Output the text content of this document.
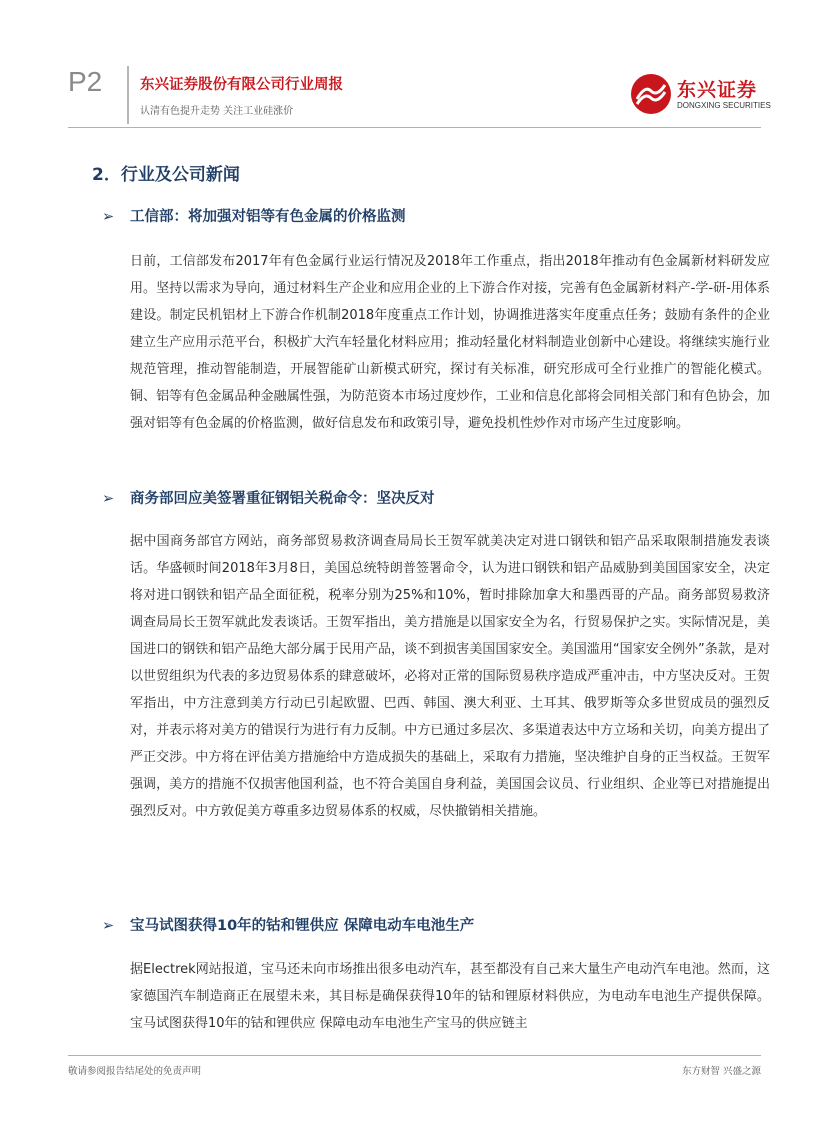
P2	东兴证券股份有限公司行业周报
认清有色提升走势 关注工业硅涨价
东兴证券
DONGXING SECURITIES
2．行业及公司新闻
➢ 工信部：将加强对铝等有色金属的价格监测
日前，工信部发布2017年有色金属行业运行情况及2018年工作重点，指出2018年推动有色金属新材料研发应用。坚持以需求为导向，通过材料生产企业和应用企业的上下游合作对接，完善有色金属新材料产-学-研-用体系建设。制定民机铝材上下游合作机制2018年度重点工作计划，协调推进落实年度重点任务；鼓励有条件的企业建立生产应用示范平台，积极扩大汽车轻量化材料应用；推动轻量化材料制造业创新中心建设。将继续实施行业规范管理，推动智能制造，开展智能矿山新模式研究，探讨有关标准，研究形成可全行业推广的智能化模式。铜、铝等有色金属品种金融属性强，为防范资本市场过度炒作，工业和信息化部将会同相关部门和有色协会，加强对铝等有色金属的价格监测，做好信息发布和政策引导，避免投机性炒作对市场产生过度影响。
➢ 商务部回应美签署重征钢铝关税命令：坚决反对
据中国商务部官方网站，商务部贸易救济调查局局长王贺军就美决定对进口钢铁和铝产品采取限制措施发表谈话。华盛顿时间2018年3月8日，美国总统特朗普签署命令，认为进口钢铁和铝产品威胁到美国国家安全，决定将对进口钢铁和铝产品全面征税，税率分别为25%和10%，暂时排除加拿大和墨西哥的产品。商务部贸易救济调查局局长王贺军就此发表谈话。王贺军指出，美方措施是以国家安全为名，行贸易保护之实。实际情况是，美国进口的钢铁和铝产品绝大部分属于民用产品，谈不到损害美国国家安全。美国滥用“国家安全例外”条款，是对以世贸组织为代表的多边贸易体系的肆意破坏，必将对正常的国际贸易秩序造成严重冲击，中方坚决反对。王贺军指出，中方注意到美方行动已引起欧盟、巴西、韩国、澳大利亚、土耳其、俄罗斯等众多世贸成员的强烈反对，并表示将对美方的错误行为进行有力反制。中方已通过多层次、多渠道表达中方立场和关切，向美方提出了严正交涉。中方将在评估美方措施给中方造成损失的基础上，采取有力措施，坚决维护自身的正当权益。王贺军强调，美方的措施不仅损害他国利益，也不符合美国自身利益，美国国会议员、行业组织、企业等已对措施提出强烈反对。中方敦促美方尊重多边贸易体系的权威，尽快撤销相关措施。
➢ 宝马试图获得10年的钴和锂供应 保障电动车电池生产
据Electrek网站报道，宝马还未向市场推出很多电动汽车，甚至都没有自己来大量生产电动汽车电池。然而，这家德国汽车制造商正在展望未来，其目标是确保获得10年的钴和锂原材料供应，为电动车电池生产提供保障。宝马试图获得10年的钴和锂供应 保障电动车电池生产宝马的供应链主
敬请参阅报告结尾处的免责声明	东方财智 兴盛之源
